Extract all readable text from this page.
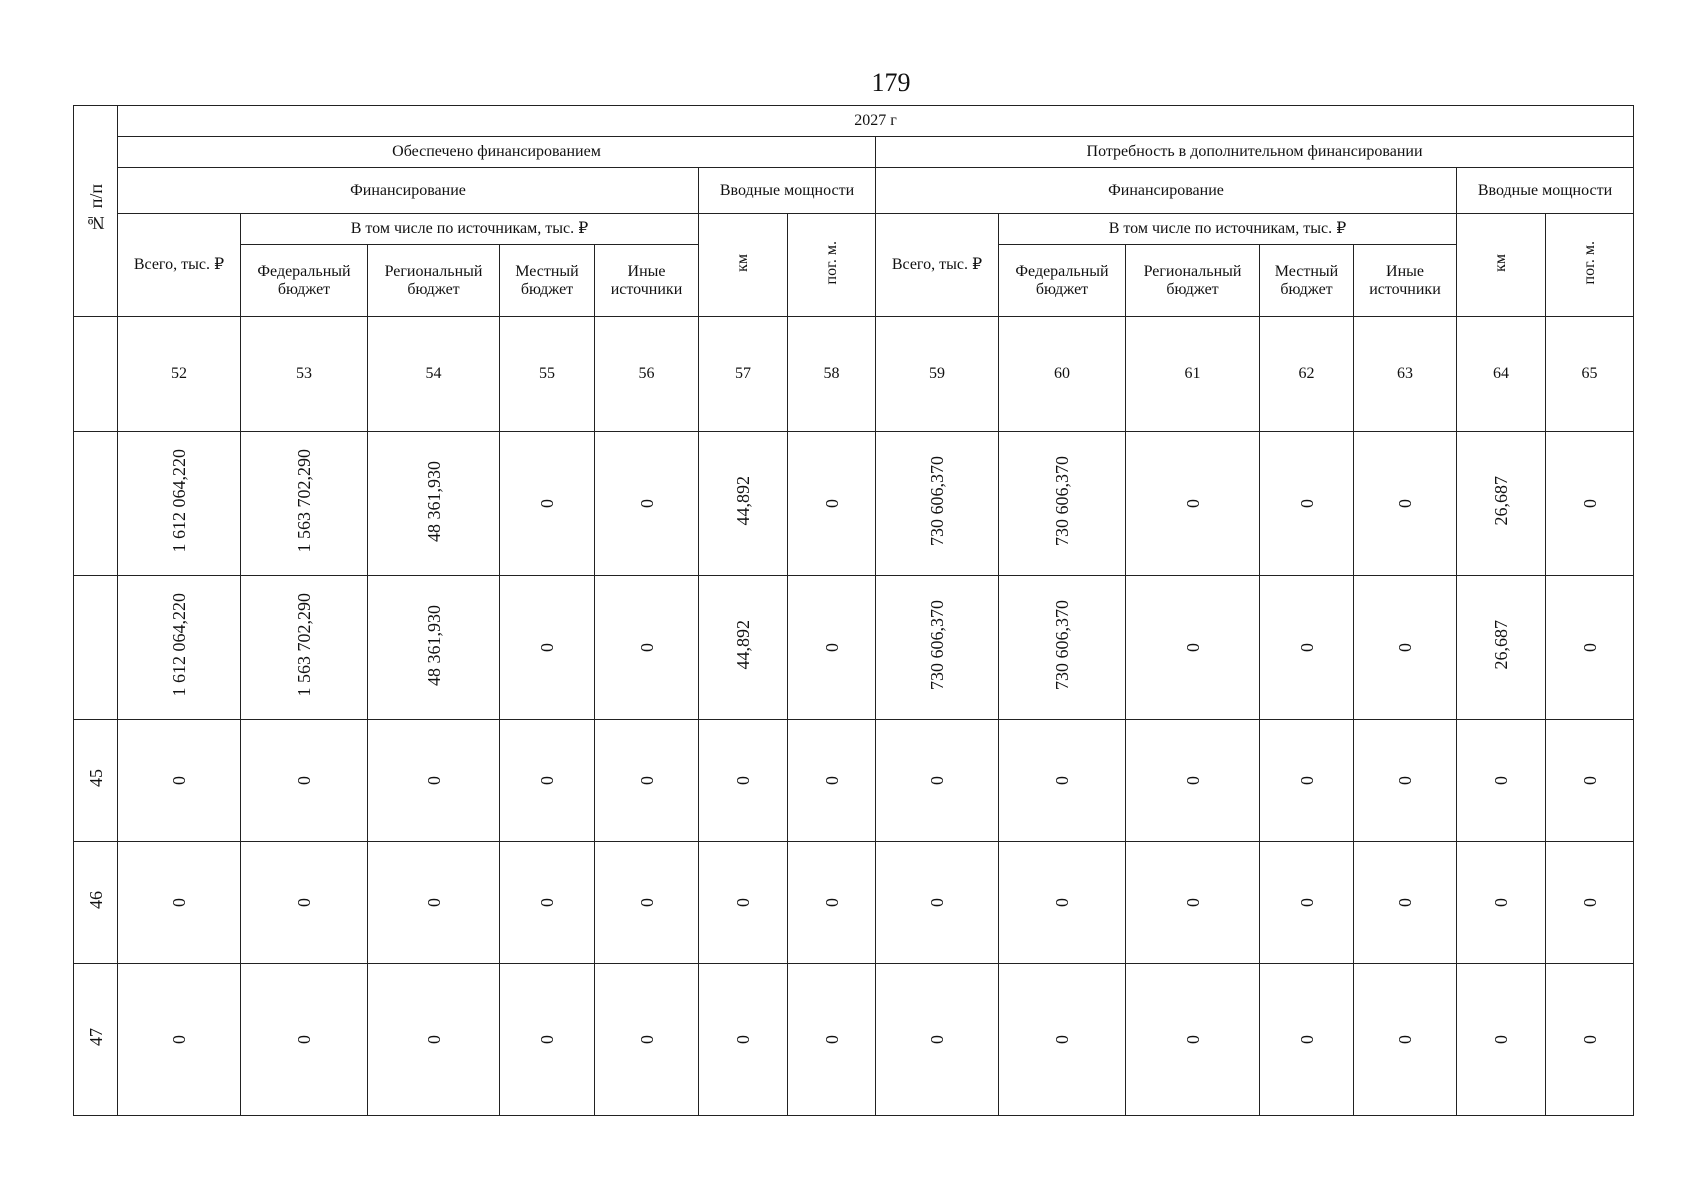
179
№ п/п	2027 г													
	Обеспечено финансированием							Потребность в дополнительном финансировании						
	Финансирование					Вводные мощности		Финансирование					Вводные мощности	
	Всего, тыс. ₽	В том числе по источникам, тыс. ₽				км	пог. м.	Всего, тыс. ₽	В том числе по источникам, тыс. ₽				км	пог. м.
		Федеральный бюджет	Региональный бюджет	Местный бюджет	Иные источники				Федеральный бюджет	Региональный бюджет	Местный бюджет	Иные источники		
	52	53	54	55	56	57	58	59	60	61	62	63	64	65
	1 612 064,220	1 563 702,290	48 361,930	0	0	44,892	0	730 606,370	730 606,370	0	0	0	26,687	0
	1 612 064,220	1 563 702,290	48 361,930	0	0	44,892	0	730 606,370	730 606,370	0	0	0	26,687	0
45	0	0	0	0	0	0	0	0	0	0	0	0	0	0
46	0	0	0	0	0	0	0	0	0	0	0	0	0	0
47	0	0	0	0	0	0	0	0	0	0	0	0	0	0
